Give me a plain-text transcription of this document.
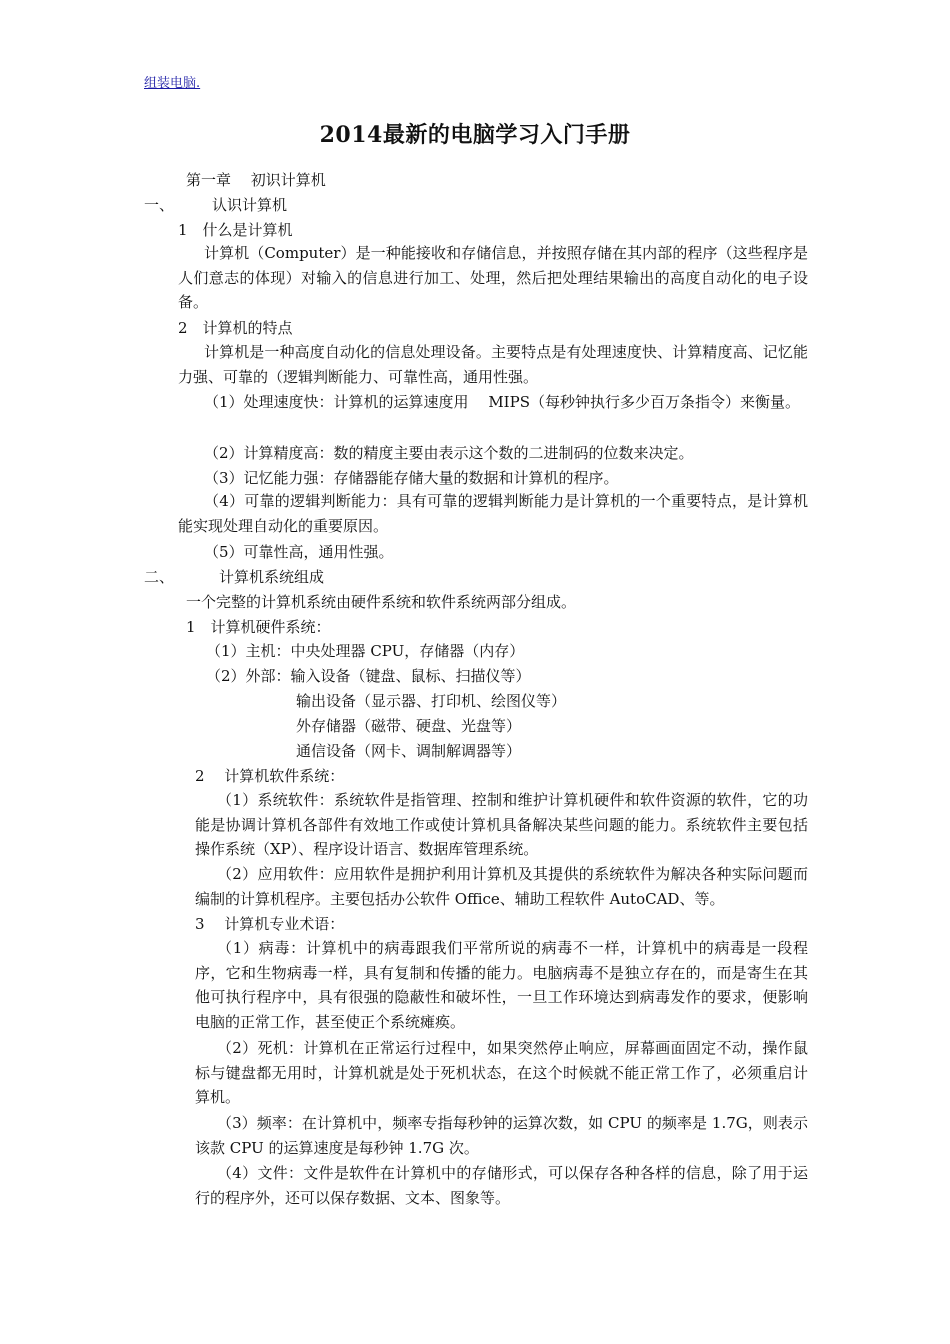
组装电脑.
2014最新的电脑学习入门手册
第一章　 初识计算机
一、	认识计算机
1　什么是计算机
计算机（Computer）是一种能接收和存储信息，并按照存储在其内部的程序（这些程序是人们意志的体现）对输入的信息进行加工、处理，然后把处理结果输出的高度自动化的电子设备。
2　计算机的特点
计算机是一种高度自动化的信息处理设备。主要特点是有处理速度快、计算精度高、记忆能力强、可靠的（逻辑判断能力、可靠性高，通用性强。
（1）处理速度快：计算机的运算速度用　 MIPS（每秒钟执行多少百万条指令）来衡量。
（2）计算精度高：数的精度主要由表示这个数的二进制码的位数来决定。
（3）记忆能力强：存储器能存储大量的数据和计算机的程序。
（4）可靠的逻辑判断能力：具有可靠的逻辑判断能力是计算机的一个重要特点，是计算机能实现处理自动化的重要原因。
（5）可靠性高，通用性强。
二、	计算机系统组成
一个完整的计算机系统由硬件系统和软件系统两部分组成。
1　计算机硬件系统：
（1）主机：中央处理器 CPU，存储器（内存）
（2）外部：输入设备（键盘、鼠标、扫描仪等）
输出设备（显示器、打印机、绘图仪等）
外存储器（磁带、硬盘、光盘等）
通信设备（网卡、调制解调器等）
2　 计算机软件系统：
（1）系统软件：系统软件是指管理、控制和维护计算机硬件和软件资源的软件，它的功能是协调计算机各部件有效地工作或使计算机具备解决某些问题的能力。系统软件主要包括操作系统（XP）、程序设计语言、数据库管理系统。
（2）应用软件：应用软件是拥护利用计算机及其提供的系统软件为解决各种实际问题而编制的计算机程序。主要包括办公软件 Office、辅助工程软件 AutoCAD、等。
3　 计算机专业术语：
（1）病毒：计算机中的病毒跟我们平常所说的病毒不一样，计算机中的病毒是一段程序，它和生物病毒一样，具有复制和传播的能力。电脑病毒不是独立存在的，而是寄生在其他可执行程序中，具有很强的隐蔽性和破坏性，一旦工作环境达到病毒发作的要求，便影响电脑的正常工作，甚至使正个系统瘫痪。
（2）死机：计算机在正常运行过程中，如果突然停止响应，屏幕画面固定不动，操作鼠标与键盘都无用时，计算机就是处于死机状态，在这个时候就不能正常工作了，必须重启计算机。
（3）频率：在计算机中，频率专指每秒钟的运算次数，如 CPU 的频率是 1.7G，则表示该款 CPU 的运算速度是每秒钟 1.7G 次。
（4）文件：文件是软件在计算机中的存储形式，可以保存各种各样的信息，除了用于运行的程序外，还可以保存数据、文本、图象等。
